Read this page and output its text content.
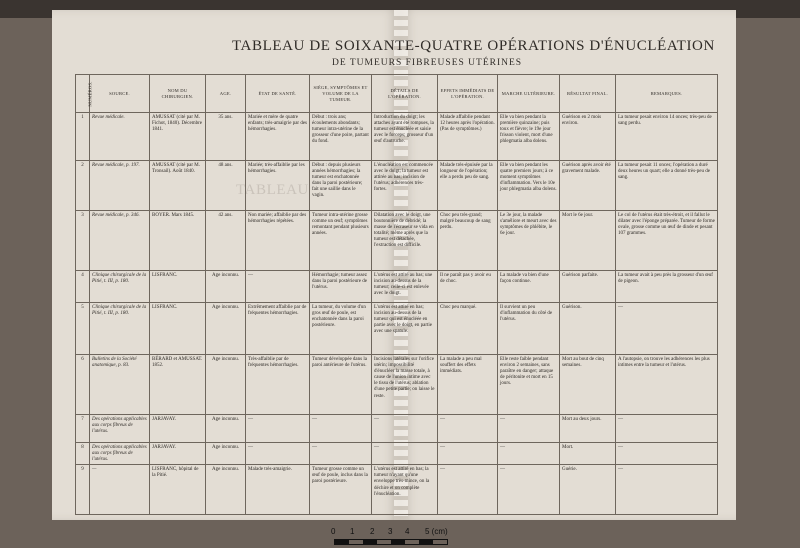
TABLEAU
TABLEAU DE SOIXANTE-QUATRE OPÉRATIONS D'ÉNUCLÉATION
DE TUMEURS FIBREUSES UTÉRINES
NUMÉROS.	SOURCE.	NOM DU CHIRURGIEN.	AGE.	ÉTAT DE SANTÉ.	SIÈGE, SYMPTÔMES ET VOLUME DE LA TUMEUR.	DÉTAILS DE L'OPÉRATION.	EFFETS IMMÉDIATS DE L'OPÉRATION.	MARCHE ULTÉRIEURE.	RÉSULTAT FINAL.	REMARQUES.
1	Revue médicale.	AMUSSAT (cité par M. Fichot, 1840). Décembre 1841.	35 ans.	Mariée et mère de quatre enfants; très-amaigrie par des hémorrhagies.	Début : trois ans; écoulements abondants; tumeur intra-utérine de la grosseur d'une poire, partant du fond.	Introduction du doigt; les attaches ayant été rompues, la tumeur est énucléée et saisie avec le forceps; grosseur d'un œuf d'autruche.	Malade affaiblie pendant 12 heures après l'opération. (Pas de symptômes.)	Elle va bien pendant la première quinzaine; puis toux et fièvre; le 19e jour frisson violent, mort d'une phlegmatia alba dolens.	Guérison en 2 mois environ.	La tumeur pesait environ 14 onces; très-peu de sang perdu.
2	Revue médicale, p. 197.	AMUSSAT (cité par M. Tronsail). Août 1840.	48 ans.	Mariée; très-affaiblie par les hémorrhagies.	Début : depuis plusieurs années hémorrhagies; la tumeur est enchatonnée dans la paroi postérieure; fait une saillie dans le vagin.	L'énucléation est commencée avec le doigt; la tumeur est attirée au bas; incision de l'utérus; adhérences très-fortes.	Malade très-épuisée par la longueur de l'opération; elle a perdu peu de sang.	Elle va bien pendant les quatre premiers jours; à ce moment symptômes d'inflammation. Vers le 10e jour phlegmatia alba dolens.	Guérison après avoir été gravement malade.	La tumeur pesait 11 onces; l'opération a duré deux heures un quart; elle a donné très-peu de sang.
3	Revue médicale, p. 346.	BOYER. Mars 1845.	42 ans.	Non mariée; affaiblie par des hémorrhagies répétées.	Tumeur intra-utérine grosse comme un œuf; symptômes remontant pendant plusieurs années.	Dilatation avec le doigt, une boutonnière de débridé; la masse de l'écraseur se vida en totalité; même après que la tumeur est détachée, l'extraction est difficile.	Choc peu très-grand; malgré beaucoup de sang perdu.	Le 3e jour, la malade s'améliore et meurt avec des symptômes de phlébite, le 6e jour.	Mort le 6e jour.	Le col de l'utérus était très-étroit, et il fallut le dilater avec l'éponge préparée. Tumeur de forme ovale, grosse comme un œuf de dinde et pesant 107 grammes.
4	Clinique chirurgicale de la Pitié, t. III, p. 180.	LISFRANC.	Age inconnu.	—	Hémorrhagie; tumeur assez dans la paroi postérieure de l'utérus.	L'utérus est attiré au bas; une incision au-dessus de la tumeur; celle-ci est enlevée avec le doigt.	Il ne paraît pas y avoir eu de choc.	La malade va bien d'une façon continue.	Guérison parfaite.	La tumeur avait à peu près la grosseur d'un œuf de pigeon.
5	Clinique chirurgicale de la Pitié, t. III, p. 180.	LISFRANC.	Age inconnu.	Extrêmement affaiblie par de fréquentes hémorrhagies.	La tumeur, du volume d'un gros œuf de poule, est enchatonnée dans la paroi postérieure.	L'utérus est attiré en bas; incision au-dessus de la tumeur qui est énucléée en partie avec le doigt, en partie avec une spatule.	Choc peu marqué.	Il survient un peu d'inflammation du côté de l'utérus.	Guérison.	—
6	Bulletins de la Société anatomique, p. 83.	BÉRARD et AMUSSAT. 1852.	Age inconnu.	Très-affaiblie par de fréquentes hémorrhagies.	Tumeur développée dans la paroi antérieure de l'utérus.	Incisions latérales sur l'orifice utérin; impossibilité d'énucléer la masse totale, à cause de l'union intime avec le tissu de l'utérus; ablation d'une petite partie; on laisse le reste.	La malade a peu mal souffert des effets immédiats.	Elle reste faible pendant environ 2 semaines, sans paraître en danger; attaque de péritonite et mort en 15 jours.	Mort au bout de cinq semaines.	A l'autopsie, on trouve les adhérences les plus intimes entre la tumeur et l'utérus.
7	Des opérations applicables aux corps fibreux de l'utérus.	JARJAVAY.	Age inconnu.	—	—	—	—	—	Mort au deux jours.	—
8	Des opérations applicables aux corps fibreux de l'utérus.	JARJAVAY.	Age inconnu.	—	—	—	—	—	Mort.	—
9	—	LISFRANC, hôpital de la Pitié.	Age inconnu.	Malade très-amaigrie.	Tumeur grosse comme un œuf de poule, inclus dans la paroi postérieure.	L'utérus est attiré en bas; la tumeur n'ayant qu'une enveloppe très-mince, on la déchire et on complète l'énucléation.	—	—	Guérie.	—
0 1 2 3 4 5 (cm)
